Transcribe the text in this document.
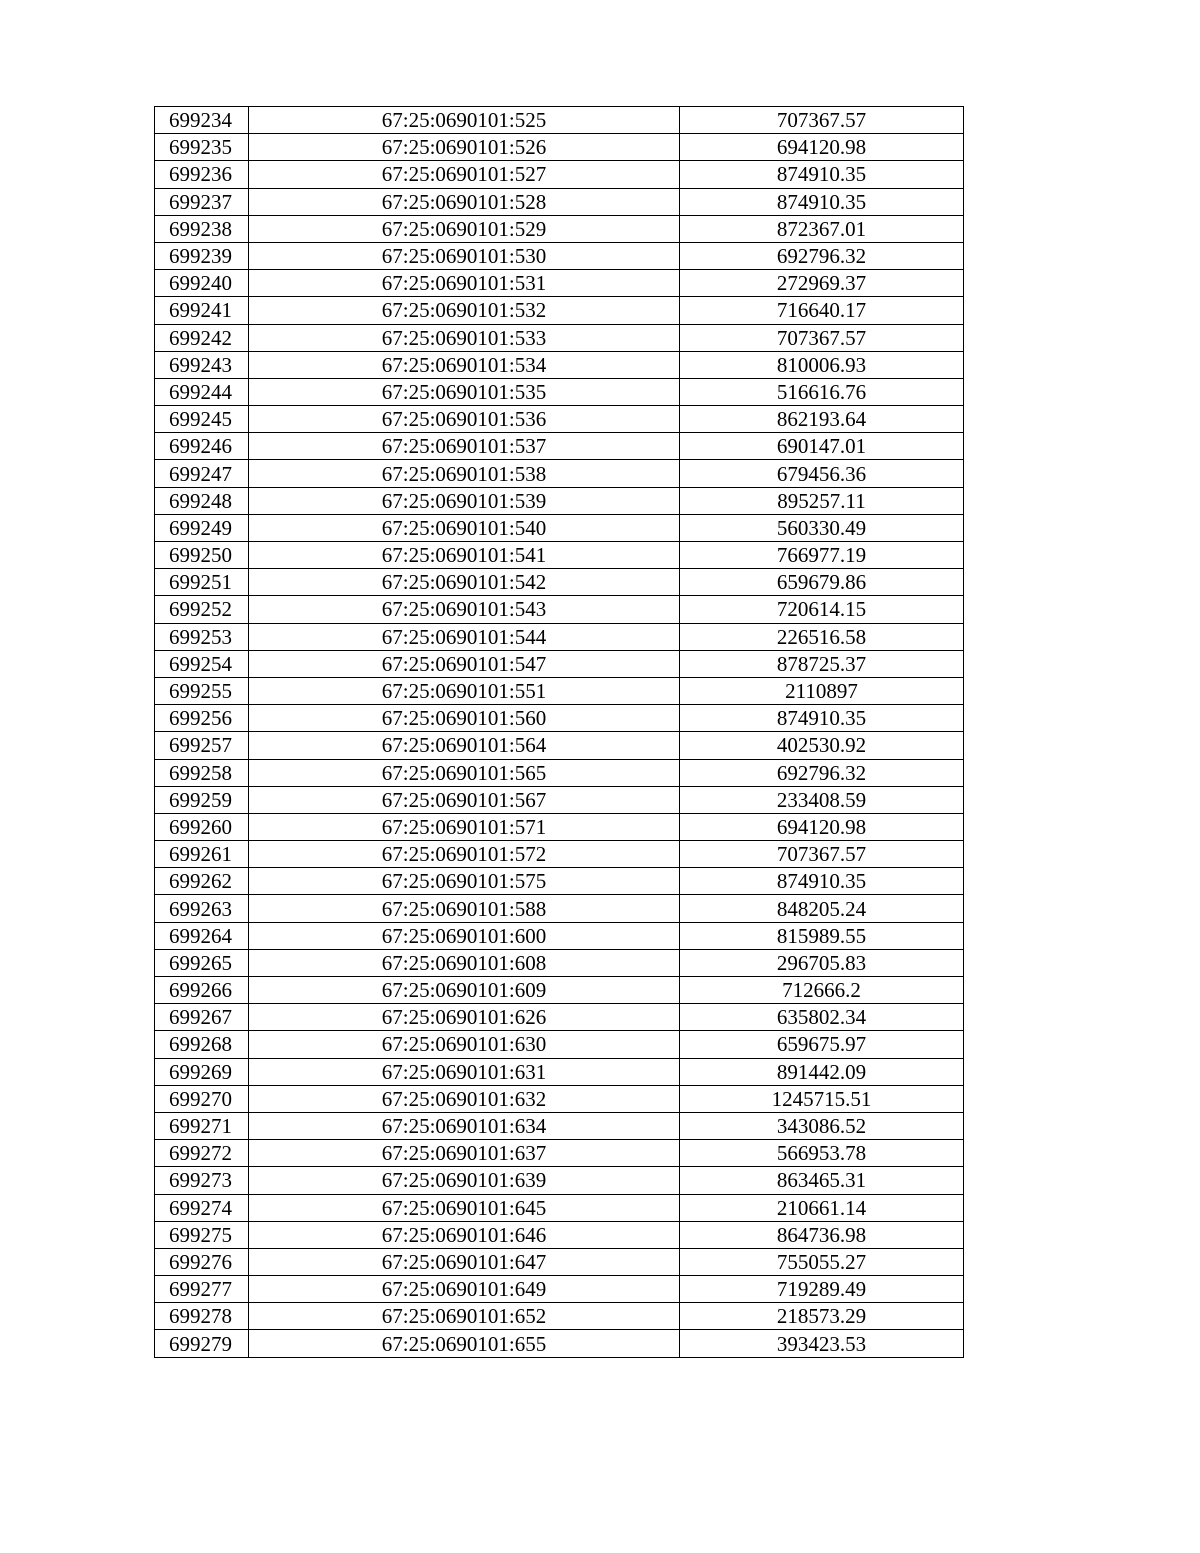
699234	67:25:0690101:525	707367.57
699235	67:25:0690101:526	694120.98
699236	67:25:0690101:527	874910.35
699237	67:25:0690101:528	874910.35
699238	67:25:0690101:529	872367.01
699239	67:25:0690101:530	692796.32
699240	67:25:0690101:531	272969.37
699241	67:25:0690101:532	716640.17
699242	67:25:0690101:533	707367.57
699243	67:25:0690101:534	810006.93
699244	67:25:0690101:535	516616.76
699245	67:25:0690101:536	862193.64
699246	67:25:0690101:537	690147.01
699247	67:25:0690101:538	679456.36
699248	67:25:0690101:539	895257.11
699249	67:25:0690101:540	560330.49
699250	67:25:0690101:541	766977.19
699251	67:25:0690101:542	659679.86
699252	67:25:0690101:543	720614.15
699253	67:25:0690101:544	226516.58
699254	67:25:0690101:547	878725.37
699255	67:25:0690101:551	2110897
699256	67:25:0690101:560	874910.35
699257	67:25:0690101:564	402530.92
699258	67:25:0690101:565	692796.32
699259	67:25:0690101:567	233408.59
699260	67:25:0690101:571	694120.98
699261	67:25:0690101:572	707367.57
699262	67:25:0690101:575	874910.35
699263	67:25:0690101:588	848205.24
699264	67:25:0690101:600	815989.55
699265	67:25:0690101:608	296705.83
699266	67:25:0690101:609	712666.2
699267	67:25:0690101:626	635802.34
699268	67:25:0690101:630	659675.97
699269	67:25:0690101:631	891442.09
699270	67:25:0690101:632	1245715.51
699271	67:25:0690101:634	343086.52
699272	67:25:0690101:637	566953.78
699273	67:25:0690101:639	863465.31
699274	67:25:0690101:645	210661.14
699275	67:25:0690101:646	864736.98
699276	67:25:0690101:647	755055.27
699277	67:25:0690101:649	719289.49
699278	67:25:0690101:652	218573.29
699279	67:25:0690101:655	393423.53
